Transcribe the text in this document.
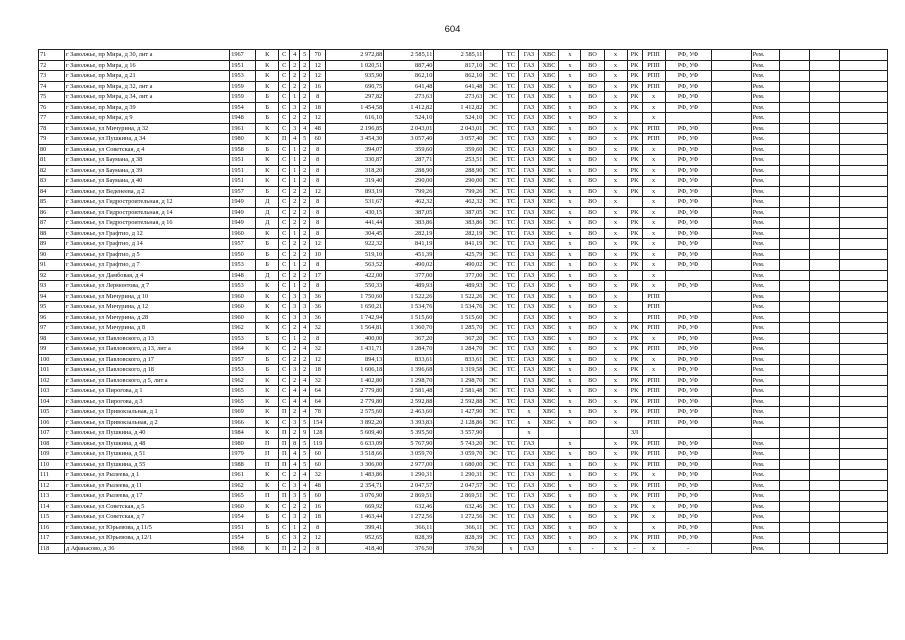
604
71	г Заволжье, пр Мира, д 30, лит а	1967	К	С	4	5	70	2 972,88	2 585,11	2 585,11		ТС	ГАЗ	ХВС	х	ВО	х	РК	РПП	РФ, УФ		Рем.			
72	г Заволжье, пр Мира, д 16	1951	К	С	2	2	12	1 020,51	887,40	817,10	ЭС	ТС	ГАЗ	ХВС	х	ВО	х	РК	РПП	РФ, УФ		Рем.			
73	г Заволжье, пр Мира, д 21	1953	К	С	2	2	12	935,90	862,10	862,10	ЭС	ТС	ГАЗ	ХВС	х	ВО	х	РК	РПП	РФ, УФ		Рем.			
74	г Заволжье, пр Мира, д 32, лит а	1959	К	С	2	2	16	690,75	641,48	641,48	ЭС	ТС	ГАЗ	ХВС	х	ВО	х	РК	РПП	РФ, УФ		Рем.			
75	г Заволжье, пр Мира, д 34, лит а	1959	Б	С	1	2	8	297,82	273,63	273,63	ЭС	ТС	ГАЗ	ХВС	х	ВО	х	РК	х	РФ, УФ		Рем.			
76	г Заволжье, пр Мира, д 39	1954	Б	С	3	2	18	1 454,58	1 412,82	1 412,82	ЭС		ГАЗ	ХВС	х	ВО	х	РК	х	РФ, УФ		Рем.			
77	г Заволжье, пр Мира, д 9	1948	Б	С	2	2	12	616,10	524,10	524,10	ЭС	ТС	ГАЗ	ХВС	х	ВО	х		х			Рем.			
78	г Заволжье, ул Мичурина, д 32	1961	К	С	3	4	48	2 196,85	2 043,01	2 043,01	ЭС	ТС	ГАЗ	ХВС	х	ВО	х	РК	РПП	РФ, УФ		Рем.			
79	г Заволжье, ул Пушкина, д 34	1980	К	П	4	5	60	3 454,30	3 057,40	3 057,40	ЭС	ТС	ГАЗ	ХВС	х	ВО	х	РК	РПП	РФ, УФ		Рем.			
80	г Заволжье, ул Советская, д 4	1958	Б	С	1	2	8	394,07	359,60	359,60	ЭС	ТС	ГАЗ	ХВС	х	ВО	х	РК	х	РФ, УФ		Рем.			
81	г Заволжье, ул Баумана, д 38	1951	К	С	1	2	8	330,87	287,71	253,51	ЭС	ТС	ГАЗ	ХВС	х	ВО	х	РК	х	РФ, УФ		Рем.			
82	г Заволжье, ул Баумана, д 39	1951	К	С	1	2	8	318,20	288,90	288,90	ЭС	ТС	ГАЗ	ХВС	х	ВО	х	РК	х	РФ, УФ		Рем.			
83	г Заволжье, ул Баумана, д 40	1951	К	С	1	2	8	319,40	290,00	290,00	ЭС	ТС	ГАЗ	ХВС	х	ВО	х	РК	х	РФ, УФ		Рем.			
84	г Заволжье, ул Веденеева, д 2	1957	Б	С	2	2	12	893,19	799,26	799,26	ЭС	ТС	ГАЗ	ХВС	х	ВО	х	РК	х	РФ, УФ		Рем.			
85	г Заволжье, ул Гидростроительная, д 12	1949	Д	С	2	2	8	531,67	462,32	462,32	ЭС	ТС	ГАЗ	ХВС	х	ВО	х		х	РФ, УФ		Рем.			
86	г Заволжье, ул Гидростроительная, д 14	1949	Д	С	2	2	8	430,15	387,05	387,05	ЭС	ТС	ГАЗ	ХВС	х	ВО	х	РК	х	РФ, УФ		Рем.			
87	г Заволжье, ул Гидростроительная, д 16	1949	Д	С	2	2	8	441,44	383,86	383,86	ЭС	ТС	ГАЗ	ХВС	х	ВО	х	РК	х	РФ, УФ		Рем.			
88	г Заволжье, ул Графтио, д 12	1960	К	С	1	2	8	304,45	282,19	282,19	ЭС	ТС	ГАЗ	ХВС	х	ВО	х	РК	х	РФ, УФ		Рем.			
89	г Заволжье, ул Графтио, д 14	1957	Б	С	2	2	12	922,32	841,19	841,19	ЭС	ТС	ГАЗ	ХВС	х	ВО	х	РК	х	РФ, УФ		Рем.			
90	г Заволжье, ул Графтио, д 5	1950	Б	С	2	2	10	519,10	451,39	425,79	ЭС	ТС	ГАЗ	ХВС	х	ВО	х	РК	х	РФ, УФ		Рем.			
91	г Заволжье, ул Графтио, д 7	1953	Б	С	1	2	8	563,52	490,02	490,02	ЭС	ТС	ГАЗ	ХВС	х	ВО	х	РК	х	РФ, УФ		Рем.			
92	г Заволжье, ул Дамбовая, д 4	1948	Д	С	2	2	17	422,00	377,00	377,00	ЭС	ТС	ГАЗ	ХВС	х	ВО	х		х			Рем.			
93	г Заволжье, ул Лермонтова, д 7	1953	К	С	1	2	8	550,33	489,93	489,93	ЭС	ТС	ГАЗ	ХВС	х	ВО	х	РК	х	РФ, УФ		Рем.			
94	г Заволжье, ул Мичурина, д 10	1960	К	С	3	3	36	1 750,60	1 522,26	1 522,26	ЭС	ТС	ГАЗ	ХВС	х	ВО	х		РПП			Рем.			
95	г Заволжье, ул Мичурина, д 12	1960	К	С	3	3	36	1 650,21	1 534,76	1 534,76	ЭС	ТС	ГАЗ	ХВС	х	ВО	х		РПП			Рем.			
96	г Заволжье, ул Мичурина, д 28	1960	К	С	3	3	36	1 742,94	1 515,60	1 515,60	ЭС		ГАЗ	ХВС	х	ВО	х		РПП	РФ, УФ		Рем.			
97	г Заволжье, ул Мичурина, д 8	1962	К	С	2	4	32	1 564,81	1 360,70	1 285,70	ЭС	ТС	ГАЗ	ХВС	х	ВО	х	РК	РПП	РФ, УФ		Рем.			
98	г Заволжье, ул Павловского, д 13	1953	Б	С	1	2	8	400,00	367,20	367,20	ЭС	ТС	ГАЗ	ХВС	х	ВО	х	РК	х	РФ, УФ		Рем.			
99	г Заволжье, ул Павловского, д 13, лит а	1964	К	С	2	4	32	1 431,71	1 284,70	1 284,70	ЭС	ТС	ГАЗ	ХВС	х	ВО	х	РК	РПП	РФ, УФ		Рем.			
100	г Заволжье, ул Павловского, д 17	1957	Б	С	2	2	12	894,13	833,61	833,61	ЭС	ТС	ГАЗ	ХВС	х	ВО	х	РК	х	РФ, УФ		Рем.			
101	г Заволжье, ул Павловского, д 18	1953	Б	С	3	2	18	1 606,18	1 396,68	1 319,58	ЭС	ТС	ГАЗ	ХВС	х	ВО	х	РК	х	РФ, УФ		Рем.			
102	г Заволжье, ул Павловского, д 5, лит а	1962	К	С	2	4	32	1 402,80	1 298,70	1 298,70	ЭС		ГАЗ	ХВС	х	ВО	х	РК	РПП	РФ, УФ		Рем.			
103	г Заволжье, ул Пирогова, д 1	1965	К	С	4	4	64	2 779,80	2 581,48	2 581,48	ЭС	ТС	ГАЗ	ХВС	х	ВО	х	РК	РПП	РФ, УФ		Рем.			
104	г Заволжье, ул Пирогова, д 3	1965	К	С	4	4	64	2 779,80	2 592,88	2 592,88	ЭС	ТС	ГАЗ	ХВС	х	ВО	х	РК	РПП	РФ, УФ		Рем.			
105	г Заволжье, ул Привокзальная, д 1	1969	К	П	2	4	78	2 575,60	2 463,60	1 427,90	ЭС	ТС	х	ХВС	х	ВО	х	РК	РПП	РФ, УФ		Рем.			
106	г Заволжье, ул Привокзальная, д 2	1966	К	С	3	5	154	3 892,20	3 393,83	2 128,86	ЭС	ТС	х	ХВС	х	ВО	х		РПП	РФ, УФ		Рем.			
107	г Заволжье, ул Пушкина, д 40	1984	К	П	2	9	128	5 609,40	5 395,50	3 557,90			х					ЗЛ							
108	г Заволжье, ул Пушкина, д 48	1980	П	П	8	5	119	6 633,09	5 767,90	5 743,20	ЭС	ТС	ГАЗ		х		х	РК	РПП	РФ, УФ		Рем.			
109	г Заволжье, ул Пушкина, д 51	1979	П	П	4	5	60	3 518,66	3 059,70	3 059,70	ЭС	ТС	ГАЗ	ХВС	х	ВО	х	РК	РПП	РФ, УФ		Рем.			
110	г Заволжье, ул Пушкина, д 55	1988	П	П	4	5	60	3 306,00	2 977,00	1 680,00	ЭС	ТС	ГАЗ	ХВС	х	ВО	х	РК	РПП	РФ, УФ		Рем.			
111	г Заволжье, ул Рылеева, д 1	1961	К	С	2	4	32	1 483,86	1 290,31	1 290,31	ЭС	ТС	ГАЗ	ХВС	х	ВО	х	РК	х	РФ, УФ		Рем.			
112	г Заволжье, ул Рылеева, д 11	1962	К	С	3	4	48	2 354,71	2 047,57	2 047,57	ЭС	ТС	ГАЗ	ХВС	х	ВО	х	РК	РПП	РФ, УФ		Рем.			
113	г Заволжье, ул Рылеева, д 17	1965	П	П	3	5	60	3 076,90	2 869,51	2 869,51	ЭС	ТС	ГАЗ	ХВС	х	ВО	х	РК	РПП	РФ, УФ		Рем.			
114	г Заволжье, ул Советская, д 5	1960	К	С	2	2	16	669,92	632,46	632,46	ЭС	ТС	ГАЗ	ХВС	х	ВО	х	РК	х	РФ, УФ		Рем.			
115	г Заволжье, ул Советская, д 7	1954	Б	С	3	2	18	1 463,44	1 272,56	1 272,56	ЭС	ТС	ГАЗ	ХВС	х	ВО	х	РК	х	РФ, УФ		Рем.			
116	г Заволжье, ул Юрьевова, д 11/5	1951	Б	С	1	2	8	399,41	366,11	366,11	ЭС	ТС	ГАЗ	ХВС	х	ВО	х		х	РФ, УФ		Рем.			
117	г Заволжье, ул Юрьевова, д 12/1	1954	Б	С	3	2	12	952,65	828,39	828,39	ЭС	ТС	ГАЗ	ХВС	х	ВО	х	РК	РПП	РФ, УФ		Рем.			
118	д Афанасово, д 36	1968	К	П	2	2	8	418,40	376,50	376,50		х	ГАЗ		х	-	х	-	х	-		Рем.			
